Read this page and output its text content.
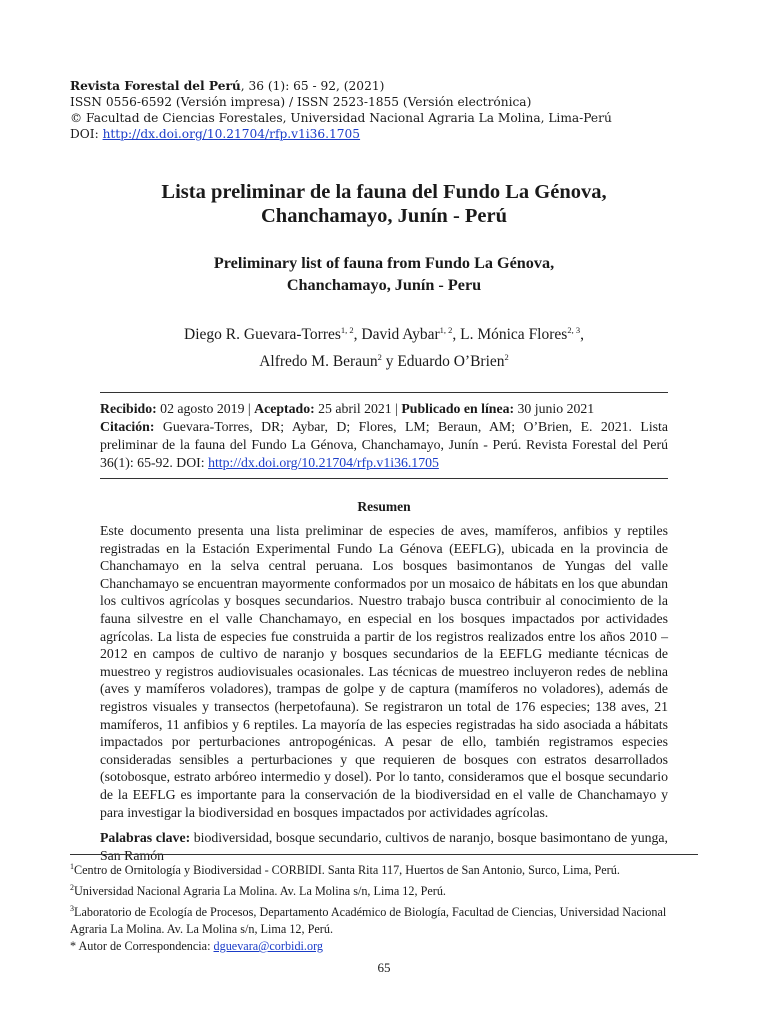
Revista Forestal del Perú, 36 (1): 65 - 92, (2021)
ISSN 0556-6592 (Versión impresa) / ISSN 2523-1855 (Versión electrónica)
© Facultad de Ciencias Forestales, Universidad Nacional Agraria La Molina, Lima-Perú
DOI: http://dx.doi.org/10.21704/rfp.v1i36.1705
Lista preliminar de la fauna del Fundo La Génova,
Chanchamayo, Junín - Perú
Preliminary list of fauna from Fundo La Génova,
Chanchamayo, Junín - Peru
Diego R. Guevara-Torres$^{1, 2}$, David Aybar$^{1, 2}$, L. Mónica Flores$^{2, 3}$,
Alfredo M. Beraun$^2$ y Eduardo O’Brien$^2$
Recibido: 02 agosto 2019 | Aceptado: 25 abril 2021 | Publicado en línea: 30 junio 2021
Citación: Guevara-Torres, DR; Aybar, D; Flores, LM; Beraun, AM; O’Brien, E. 2021. Lista preliminar de la fauna del Fundo La Génova, Chanchamayo, Junín - Perú. Revista Forestal del Perú 36(1): 65-92. DOI: http://dx.doi.org/10.21704/rfp.v1i36.1705
Resumen

Este documento presenta una lista preliminar de especies de aves, mamíferos, anfibios y reptiles registradas en la Estación Experimental Fundo La Génova (EEFLG), ubicada en la provincia de Chanchamayo en la selva central peruana. Los bosques basimontanos de Yungas del valle Chanchamayo se encuentran mayormente conformados por un mosaico de hábitats en los que abundan los cultivos agrícolas y bosques secundarios. Nuestro trabajo busca contribuir al conocimiento de la fauna silvestre en el valle Chanchamayo, en especial en los bosques impactados por actividades agrícolas. La lista de especies fue construida a partir de los registros realizados entre los años 2010 – 2012 en campos de cultivo de naranjo y bosques secundarios de la EEFLG mediante técnicas de muestreo y registros audiovisuales ocasionales. Las técnicas de muestreo incluyeron redes de neblina (aves y mamíferos voladores), trampas de golpe y de captura (mamíferos no voladores), además de registros visuales y transectos (herpetofauna). Se registraron un total de 176 especies; 138 aves, 21 mamíferos, 11 anfibios y 6 reptiles. La mayoría de las especies registradas ha sido asociada a hábitats impactados por perturbaciones antropogénicas. A pesar de ello, también registramos especies consideradas sensibles a perturbaciones y que requieren de bosques con estratos desarrollados (sotobosque, estrato arbóreo intermedio y dosel). Por lo tanto, consideramos que el bosque secundario de la EEFLG es importante para la conservación de la biodiversidad en el valle de Chanchamayo y para investigar la biodiversidad en bosques impactados por actividades agrícolas.

Palabras clave: biodiversidad, bosque secundario, cultivos de naranjo, bosque basimontano de yunga, San Ramón
$^1$Centro de Ornitología y Biodiversidad - CORBIDI. Santa Rita 117, Huertos de San Antonio, Surco, Lima, Perú.
$^2$Universidad Nacional Agraria La Molina. Av. La Molina s/n, Lima 12, Perú.
$^3$Laboratorio de Ecología de Procesos, Departamento Académico de Biología, Facultad de Ciencias, Universidad Nacional Agraria La Molina. Av. La Molina s/n, Lima 12, Perú.
* Autor de Correspondencia: dguevara@corbidi.org
65
